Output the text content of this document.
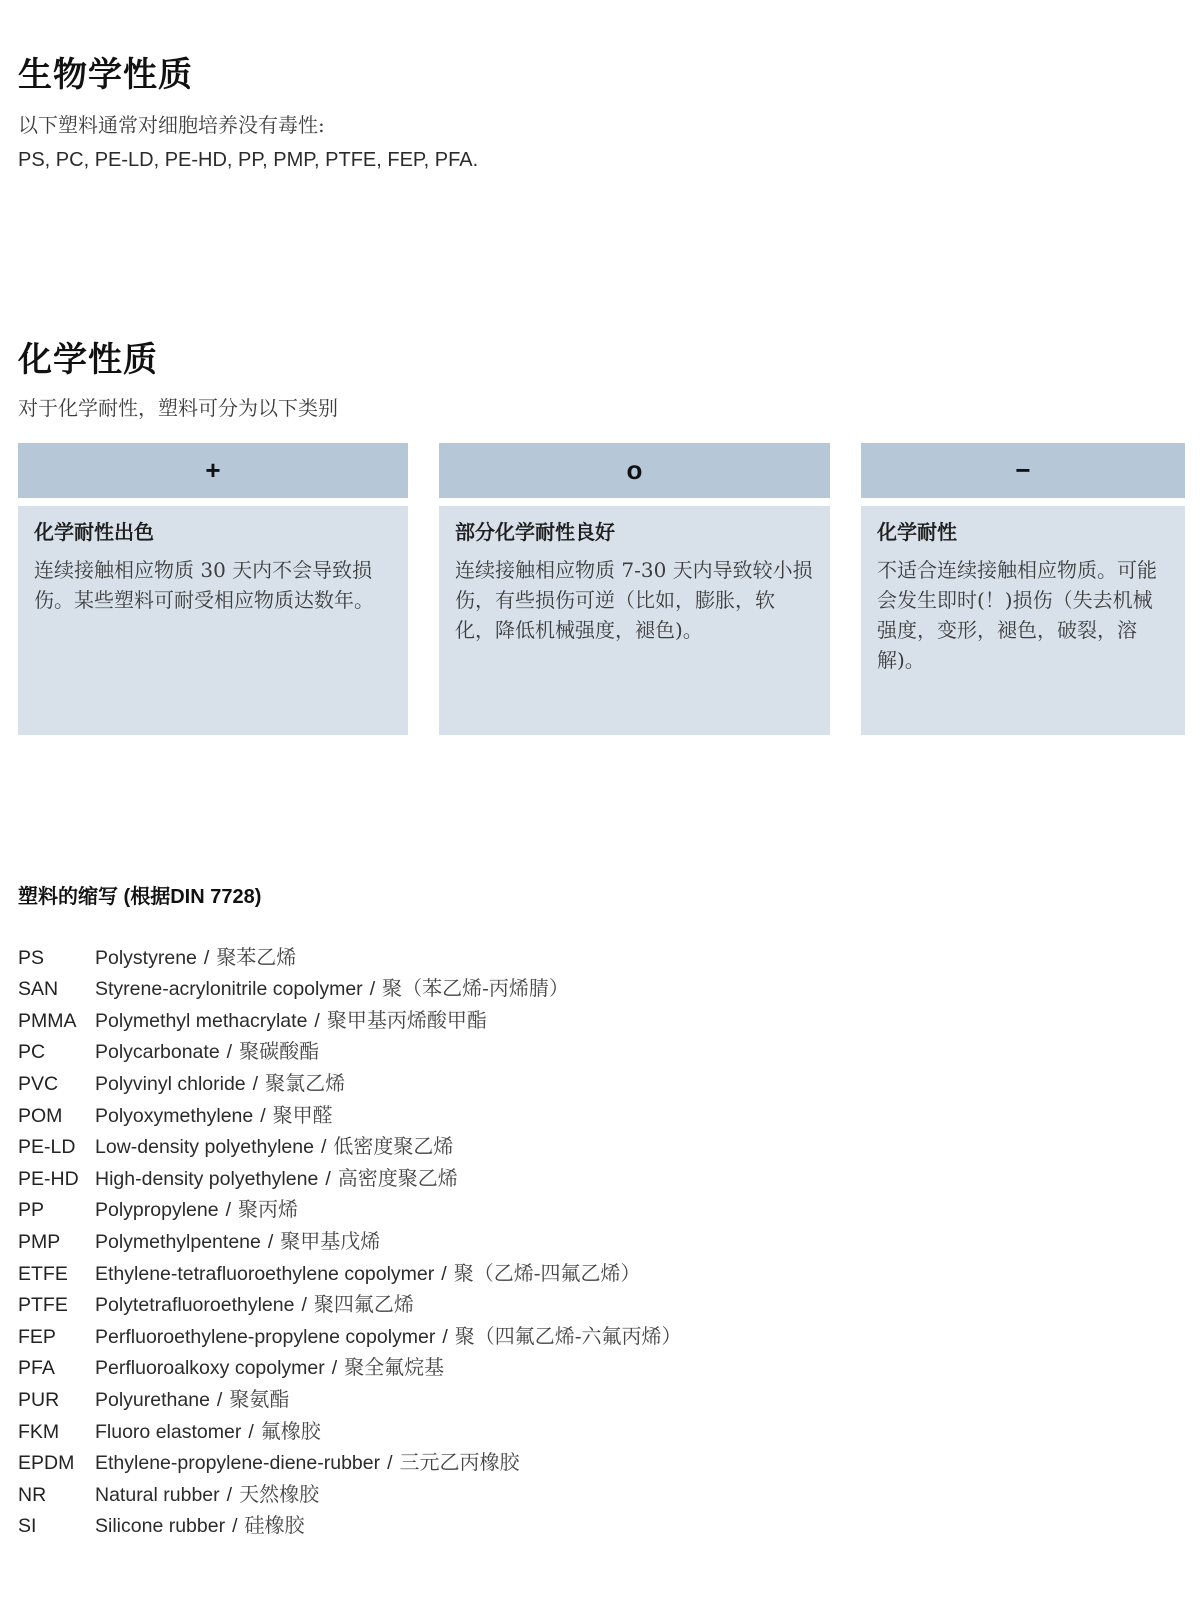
生物学性质

以下塑料通常对细胞培养没有毒性:

PS, PC, PE-LD, PE-HD, PP, PMP, PTFE, FEP, PFA.

化学性质

对于化学耐性，塑料可分为以下类别

+
化学耐性出色

连续接触相应物质 30 天内不会导致损伤。某些塑料可耐受相应物质达数年。

o
部分化学耐性良好

连续接触相应物质 7-30 天内导致较小损伤，有些损伤可逆（比如，膨胀，软化，降低机械强度，褪色)。

−
化学耐性

不适合连续接触相应物质。可能会发生即时(！)损伤（失去机械强度，变形，褪色，破裂，溶解)。

塑料的缩写 (根据DIN 7728)
PS	Polystyrene / 聚苯乙烯
SAN	Styrene-acrylonitrile copolymer / 聚（苯乙烯-丙烯腈）
PMMA Polymethyl methacrylate / 聚甲基丙烯酸甲酯
PC	Polycarbonate / 聚碳酸酯
PVC	Polyvinyl chloride / 聚氯乙烯
POM	Polyoxymethylene / 聚甲醛
PE-LD	Low-density polyethylene / 低密度聚乙烯
PE-HD High-density polyethylene / 高密度聚乙烯
PP	Polypropylene / 聚丙烯
PMP	Polymethylpentene / 聚甲基戊烯
ETFE	Ethylene-tetrafluoroethylene copolymer / 聚（乙烯-四氟乙烯）
PTFE	Polytetrafluoroethylene / 聚四氟乙烯
FEP	Perfluoroethylene-propylene copolymer / 聚（四氟乙烯-六氟丙烯）
PFA	Perfluoroalkoxy copolymer / 聚全氟烷基
PUR	Polyurethane / 聚氨酯
FKM	Fluoro elastomer / 氟橡胶
EPDM	Ethylene-propylene-diene-rubber / 三元乙丙橡胶
NR	Natural rubber / 天然橡胶
SI	Silicone rubber / 硅橡胶
